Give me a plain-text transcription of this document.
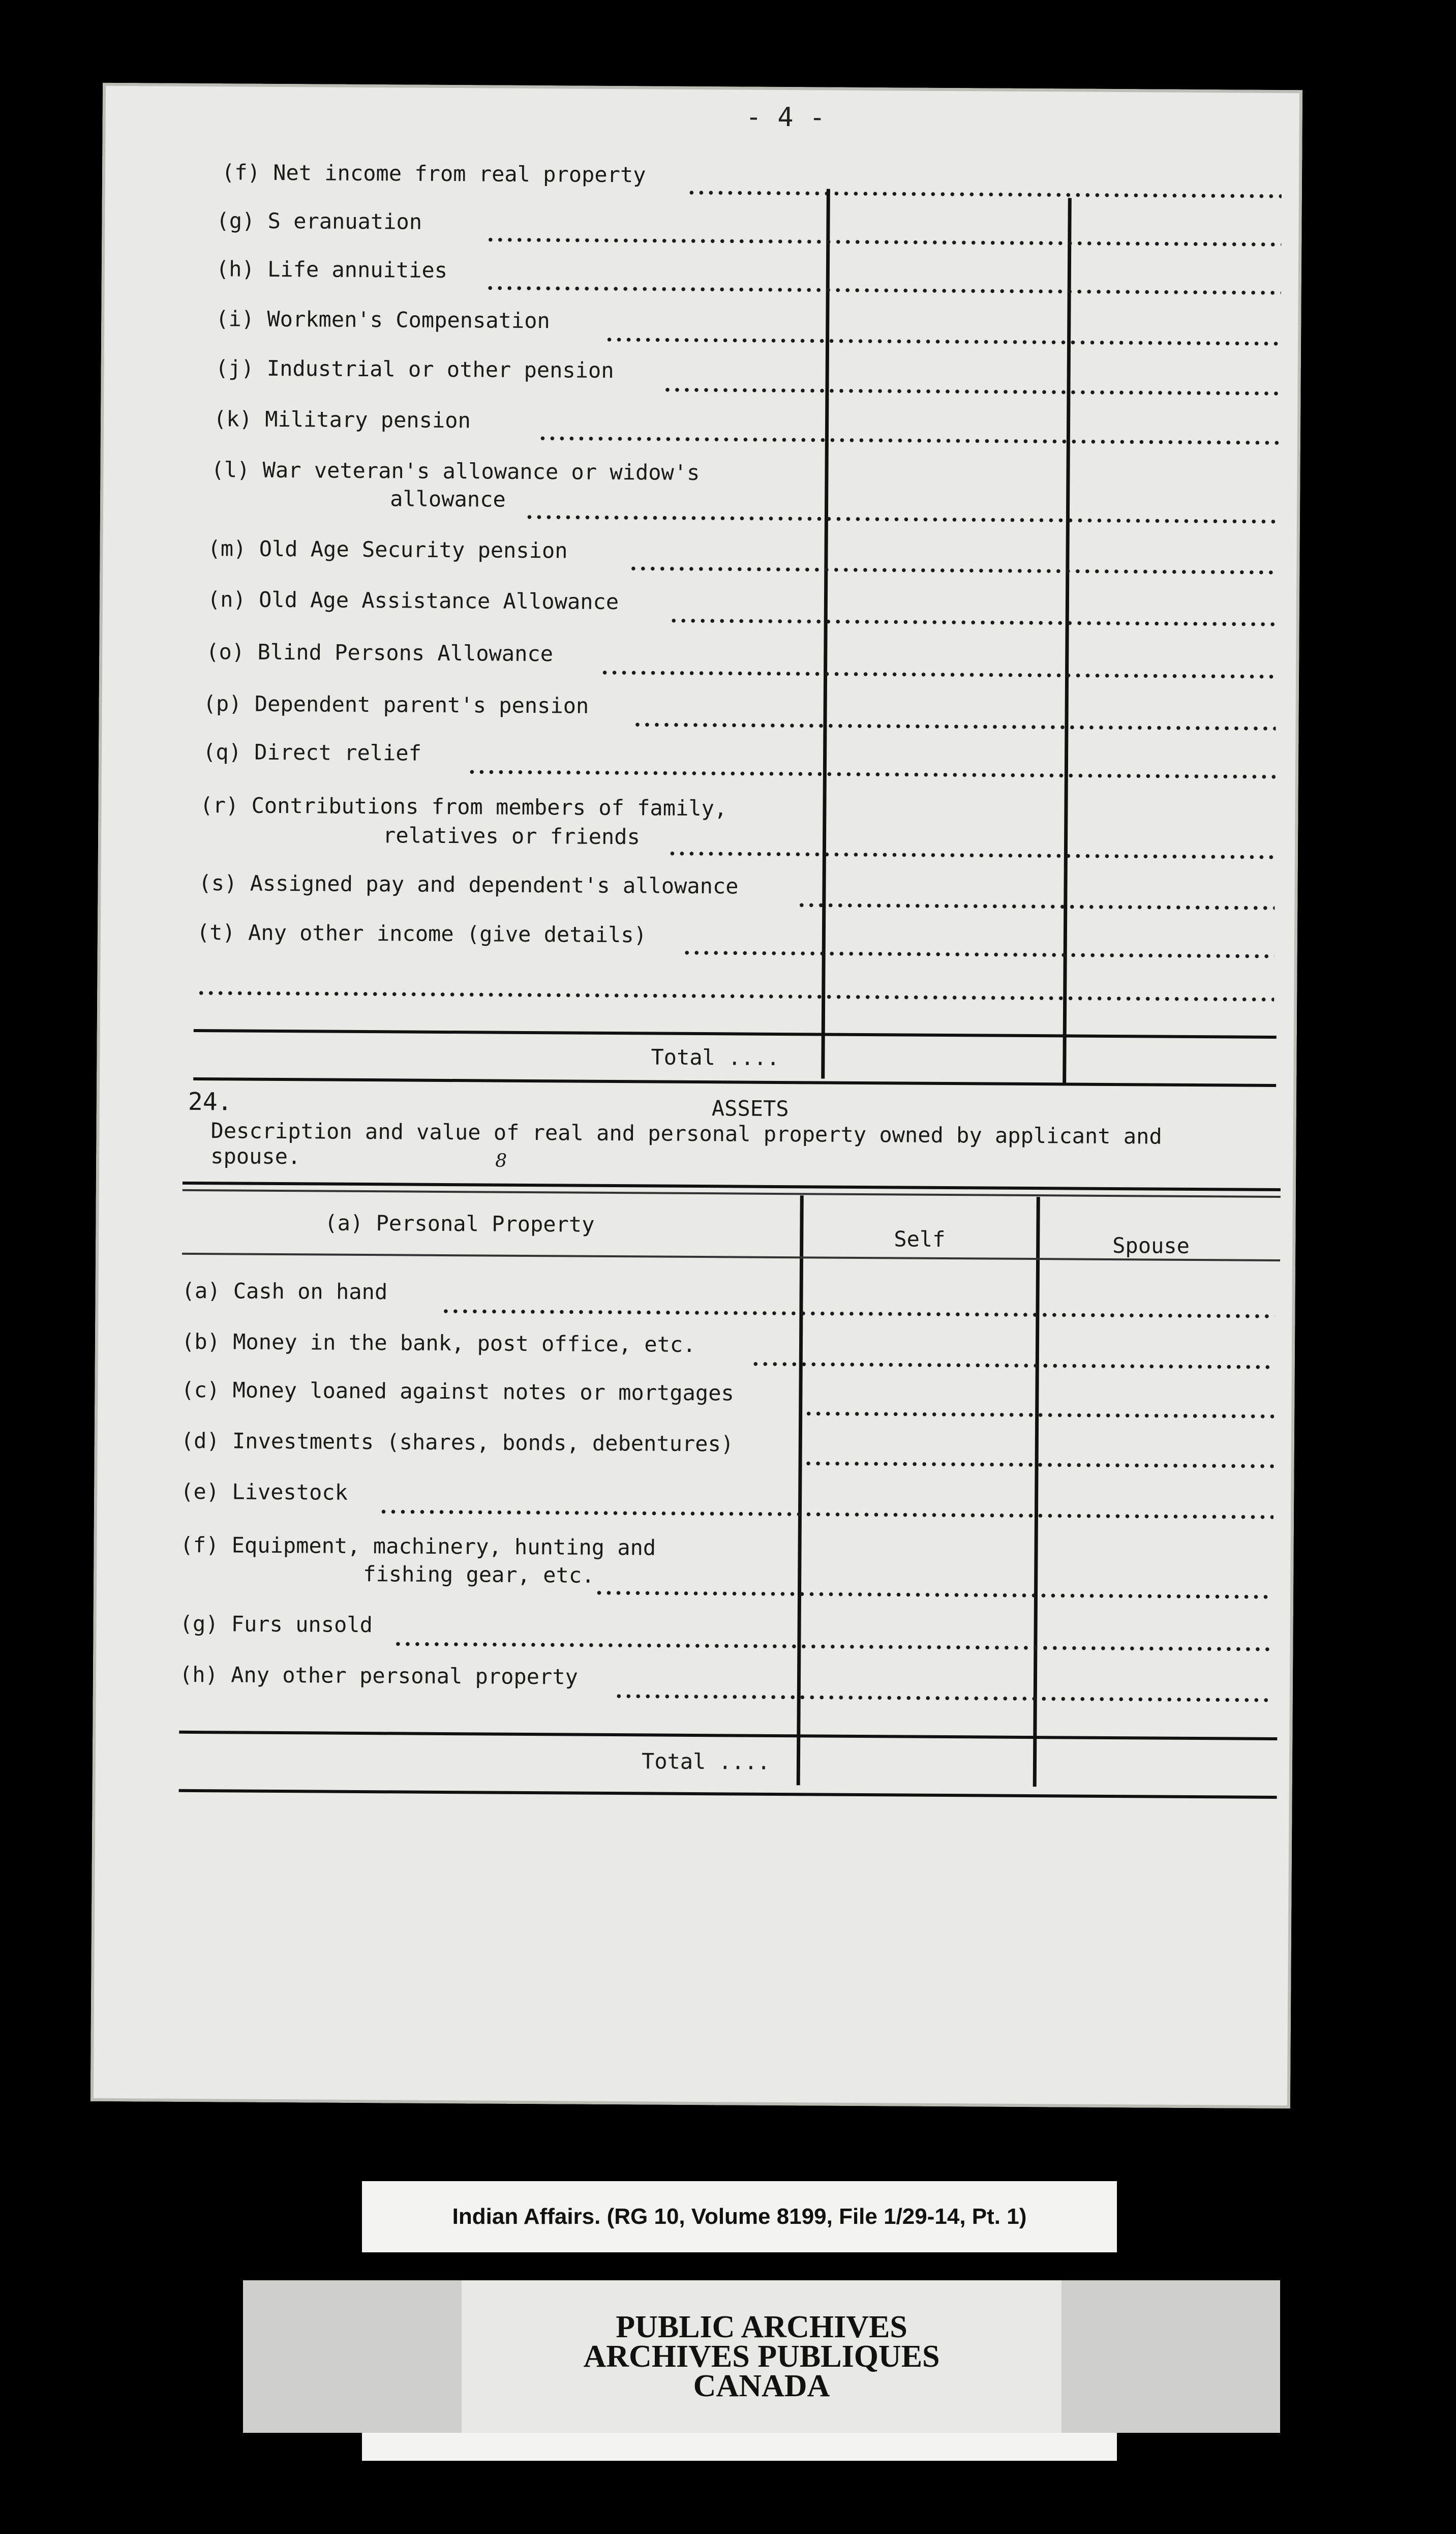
- 4 -
(f) Net income from real property
(g) S eranuation
(h) Life annuities
(i) Workmen's Compensation
(j) Industrial or other pension
(k) Military pension
(l) War veteran's allowance or widow's
allowance
(m) Old Age Security pension
(n) Old Age Assistance Allowance
(o) Blind Persons Allowance
(p) Dependent parent's pension
(q) Direct relief
(r) Contributions from members of family,
relatives or friends
(s) Assigned pay and dependent's allowance
(t) Any other income (give details)
Total ....
24.	ASSETS
Description and value of real and personal property owned by applicant and
spouse.	8
(a) Personal Property
Self	Spouse
(a) Cash on hand
(b) Money in the bank, post office, etc.
(c) Money loaned against notes or mortgages
(d) Investments (shares, bonds, debentures)
(e) Livestock
(f) Equipment, machinery, hunting and
fishing gear, etc.
(g) Furs unsold
(h) Any other personal property
Total ....
Indian Affairs. (RG 10, Volume 8199, File 1/29-14, Pt. 1)
PUBLIC ARCHIVES
ARCHIVES PUBLIQUES
CANADA
